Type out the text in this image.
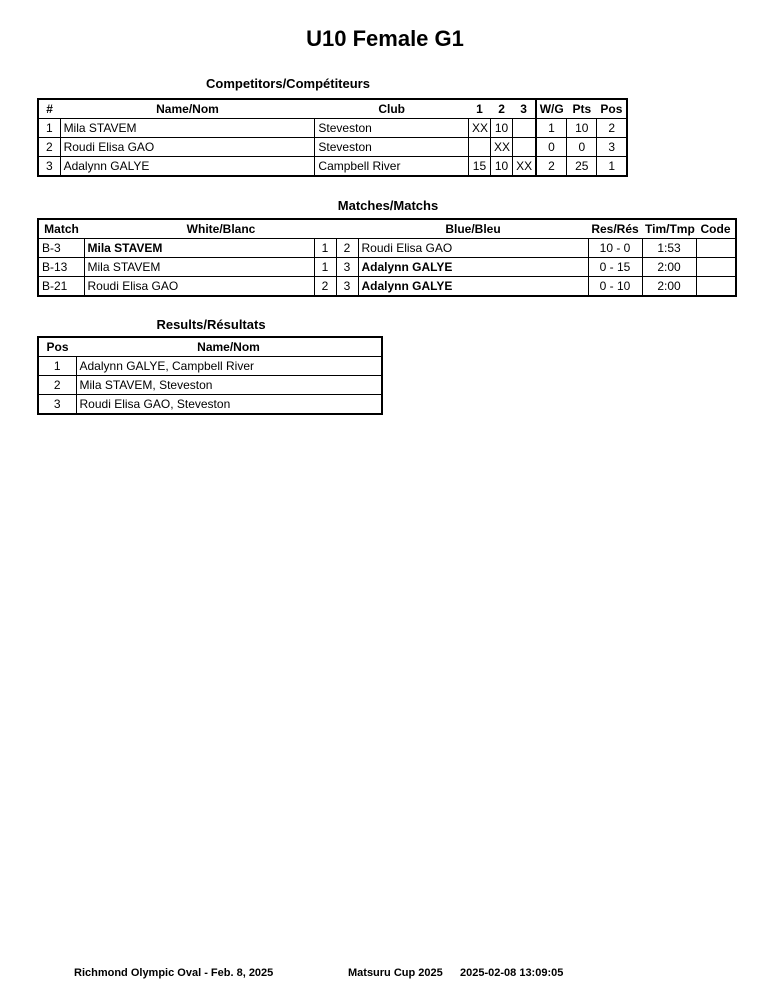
U10 Female G1
Competitors/Compétiteurs
#	Name/Nom	Club	1	2	3	W/G	Pts	Pos
1	Mila STAVEM	Steveston	XX	10		1	10	2
2	Roudi Elisa GAO	Steveston		XX		0	0	3
3	Adalynn GALYE	Campbell River	15	10	XX	2	25	1
Matches/Matchs
Match	White/Blanc			Blue/Bleu	Res/Rés	Tim/Tmp	Code
B-3	Mila STAVEM	1	2	Roudi Elisa GAO	10 - 0	1:53	
B-13	Mila STAVEM	1	3	Adalynn GALYE	0 - 15	2:00	
B-21	Roudi Elisa GAO	2	3	Adalynn GALYE	0 - 10	2:00	
Results/Résultats
Pos	Name/Nom
1	Adalynn GALYE, Campbell River
2	Mila STAVEM, Steveston
3	Roudi Elisa GAO, Steveston
Richmond Olympic Oval - Feb. 8, 2025	Matsuru Cup 2025 2025-02-08 13:09:05
